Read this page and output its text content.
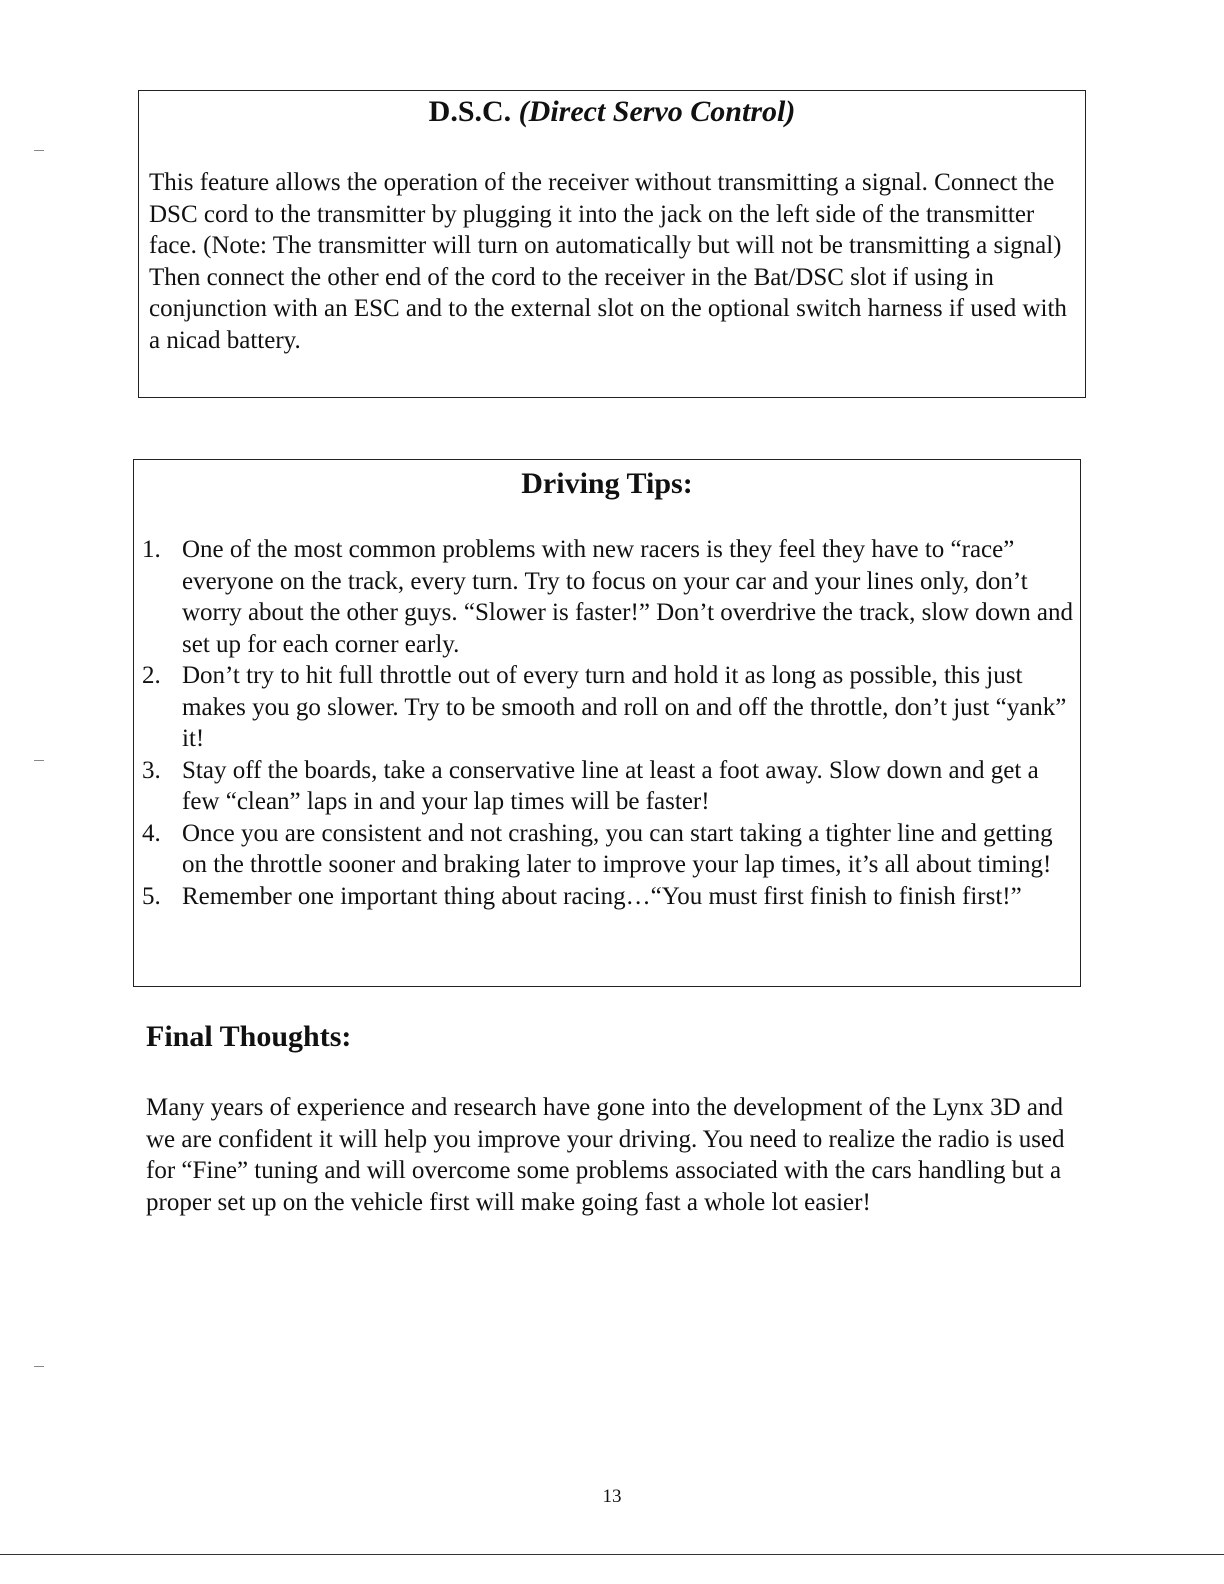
D.S.C. (Direct Servo Control)

This feature allows the operation of the receiver without transmitting a signal. Connect the DSC cord to the transmitter by plugging it into the jack on the left side of the transmitter face. (Note: The transmitter will turn on automatically but will not be transmitting a signal) Then connect the other end of the cord to the receiver in the Bat/DSC slot if using in conjunction with an ESC and to the external slot on the optional switch harness if used with a nicad battery.

Driving Tips:
1. One of the most common problems with new racers is they feel they have to “race” everyone on the track, every turn. Try to focus on your car and your lines only, don’t worry about the other guys. “Slower is faster!” Don’t overdrive the track, slow down and set up for each corner early.
2. Don’t try to hit full throttle out of every turn and hold it as long as possible, this just makes you go slower. Try to be smooth and roll on and off the throttle, don’t just “yank” it!
3. Stay off the boards, take a conservative line at least a foot away. Slow down and get a few “clean” laps in and your lap times will be faster!
4. Once you are consistent and not crashing, you can start taking a tighter line and getting on the throttle sooner and braking later to improve your lap times, it’s all about timing!
5. Remember one important thing about racing…“You must first finish to finish first!”
Final Thoughts:

Many years of experience and research have gone into the development of the Lynx 3D and we are confident it will help you improve your driving. You need to realize the radio is used for “Fine” tuning and will overcome some problems associated with the cars handling but a proper set up on the vehicle first will make going fast a whole lot easier!

13
